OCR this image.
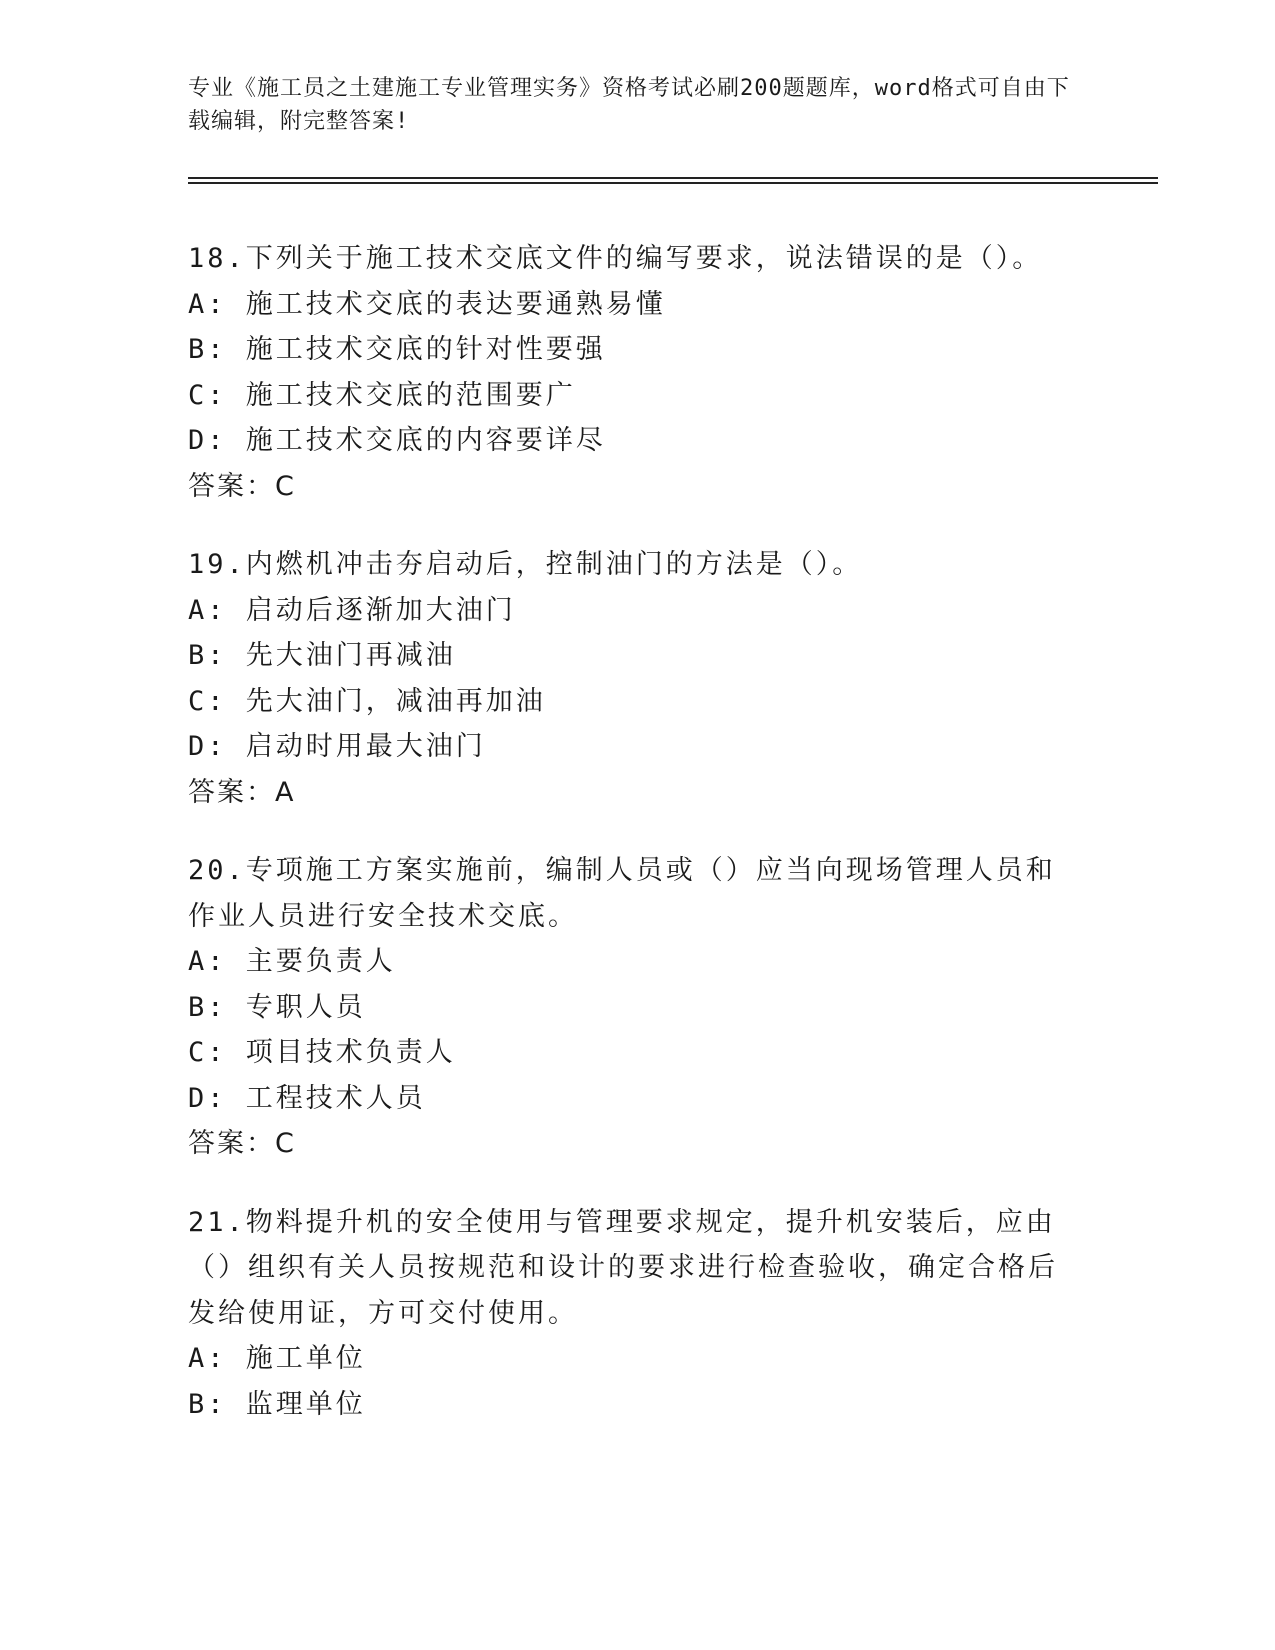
专业《施工员之土建施工专业管理实务》资格考试必刷200题题库，word格式可自由下载编辑，附完整答案!

18.下列关于施工技术交底文件的编写要求，说法错误的是（）。

A: 施工技术交底的表达要通熟易懂

B: 施工技术交底的针对性要强

C: 施工技术交底的范围要广

D: 施工技术交底的内容要详尽

答案：C

19.内燃机冲击夯启动后，控制油门的方法是（）。

A: 启动后逐渐加大油门

B: 先大油门再减油

C: 先大油门，减油再加油

D: 启动时用最大油门

答案：A

20.专项施工方案实施前，编制人员或（）应当向现场管理人员和作业人员进行安全技术交底。

A: 主要负责人

B: 专职人员

C: 项目技术负责人

D: 工程技术人员

答案：C

21.物料提升机的安全使用与管理要求规定，提升机安装后，应由（）组织有关人员按规范和设计的要求进行检查验收，确定合格后发给使用证，方可交付使用。

A: 施工单位

B: 监理单位
